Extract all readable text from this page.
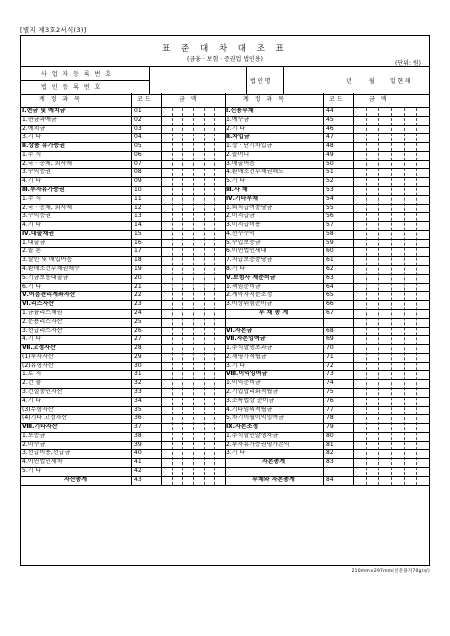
[별지 제3호2서식(3)]
표 준 대 차 대 조 표
(금융 · 보험 · 증권업 법인용)
(단위: 원)
사 업 자 등 록 번 호
법 인 등 록 번 호
법인명	년	월 일현재
계 정 과 목	코드	금 액	계 정 과 목	코드	금 액
Ⅰ.현금 및 예치금	01
1.현금과예금	02
2.예치금	03
3.기 타	04
Ⅱ.상품 유가증권	05
1.주 식	06
2.국 · 공채, 회사채	07
3.수익증권	08
4.기 타	09
Ⅲ.투자유가증권	10
1.주 식	11
2.국 · 공채, 회사채	12
3.수익증권	13
4.기 타	14
Ⅳ.대출채권	15
1.대출금	16
2.콜 론	17
3.할인 및 매입어음	18
4.환매조건부채권매수	19
5.기금보통대출금	20
6.기 타	21
Ⅴ.어음관리계좌자산	22
Ⅵ.리스자산	23
1.금융리스채권	24
2.운용리스자산	25
3.선급리스자산	26
4.기 타	27
Ⅶ.고정자산	28
(1)투자자산	29
(2)유형자산	30
1.토 지	31
2.건 물	32
3.건설중인자산	33
4.기 타	34
(3)무형자산	35
(4)기타 고정자산	36
Ⅷ.기타자산	37
1.보증금	38
2.미수금	39
3.선급비용,선급금	40
4.이연법인세차	41
5.기 타	42
자산총계	43
Ⅰ.신용부채	44
1.예수금	45
2.기 타	46
Ⅱ.차입금	47
1.장 · 단기차입금	48
2.콜머니	49
3.매출어음	50
4.환매조건부채권매도	51
5.기 타	52
Ⅲ.사 채	53
Ⅳ.기타부채	54
1.퇴직급여충당금	55
2.미지급금	56
3.미지급비용	57
4.선수수익	58
5.수입보증금	59
6.이연법인세대	60
7.지급보증충당금	61
8.기 타	62
Ⅴ.보험사 제준비금	63
1.책임준비금	64
2.계약자지분조정	65
3.비상위험준비금	66
부 채 총 계	67
Ⅵ.자본금	68
Ⅶ.자본잉여금	69
1.주식발행초과금	70
2.재평가적립금	71
3.기 타	72
Ⅷ.이익잉여금	73
1.이익준비금	74
2.기업합리화적립금	75
3.조특법상 준비금	76
4.기타임의적립금	77
5.차기이월이익잉여금	78
Ⅸ.자본조정	79
1.주식할인발행차금	80
2.투자유가증권평가손익	81
3.기 타	82
자본총계	83
부채와 자본총계	84
210mm×297mm(신문용지70g/㎡)
